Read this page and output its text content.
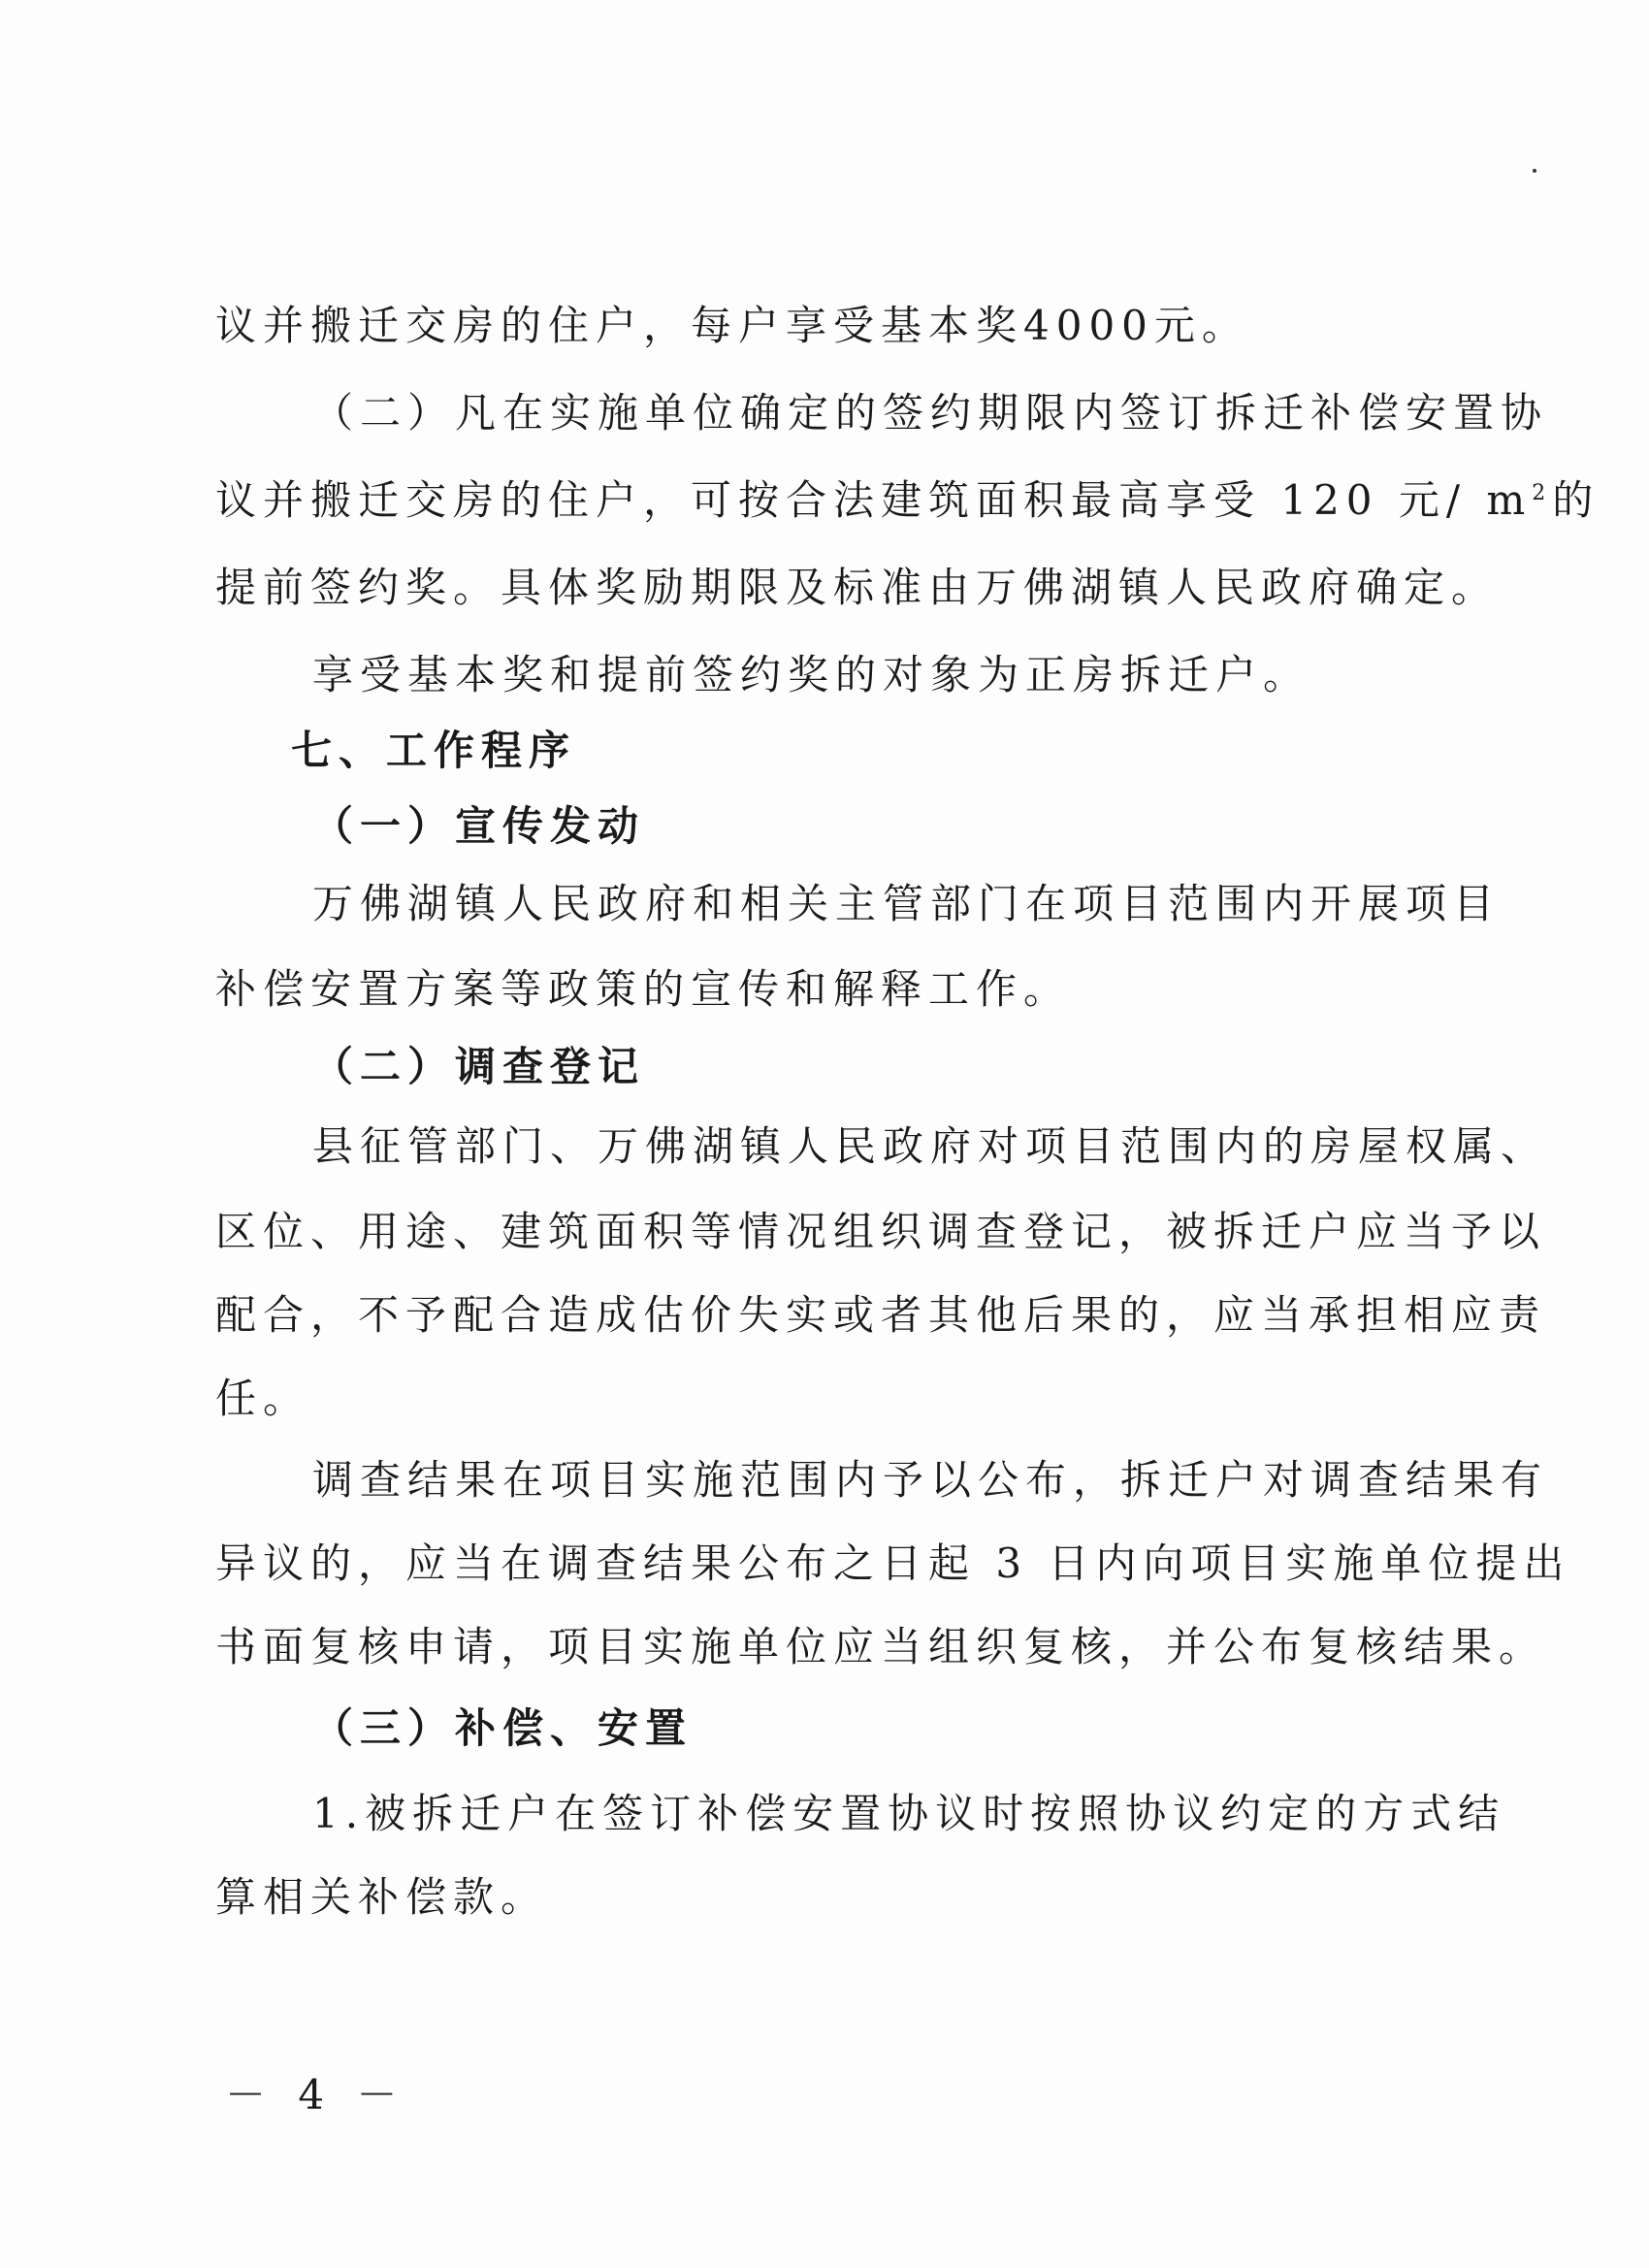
议并搬迁交房的住户，每户享受基本奖4000元。
（二）凡在实施单位确定的签约期限内签订拆迁补偿安置协
议并搬迁交房的住户，可按合法建筑面积最高享受 120 元/ $m^2$的
提前签约奖。具体奖励期限及标准由万佛湖镇人民政府确定。
享受基本奖和提前签约奖的对象为正房拆迁户。
七、工作程序
（一）宣传发动
万佛湖镇人民政府和相关主管部门在项目范围内开展项目
补偿安置方案等政策的宣传和解释工作。
（二）调查登记
县征管部门、万佛湖镇人民政府对项目范围内的房屋权属、
区位、用途、建筑面积等情况组织调查登记，被拆迁户应当予以
配合，不予配合造成估价失实或者其他后果的，应当承担相应责
任。
调查结果在项目实施范围内予以公布，拆迁户对调查结果有
异议的，应当在调查结果公布之日起 3 日内向项目实施单位提出
书面复核申请，项目实施单位应当组织复核，并公布复核结果。
（三）补偿、安置
1.被拆迁户在签订补偿安置协议时按照协议约定的方式结
算相关补偿款。
－ 4 －
